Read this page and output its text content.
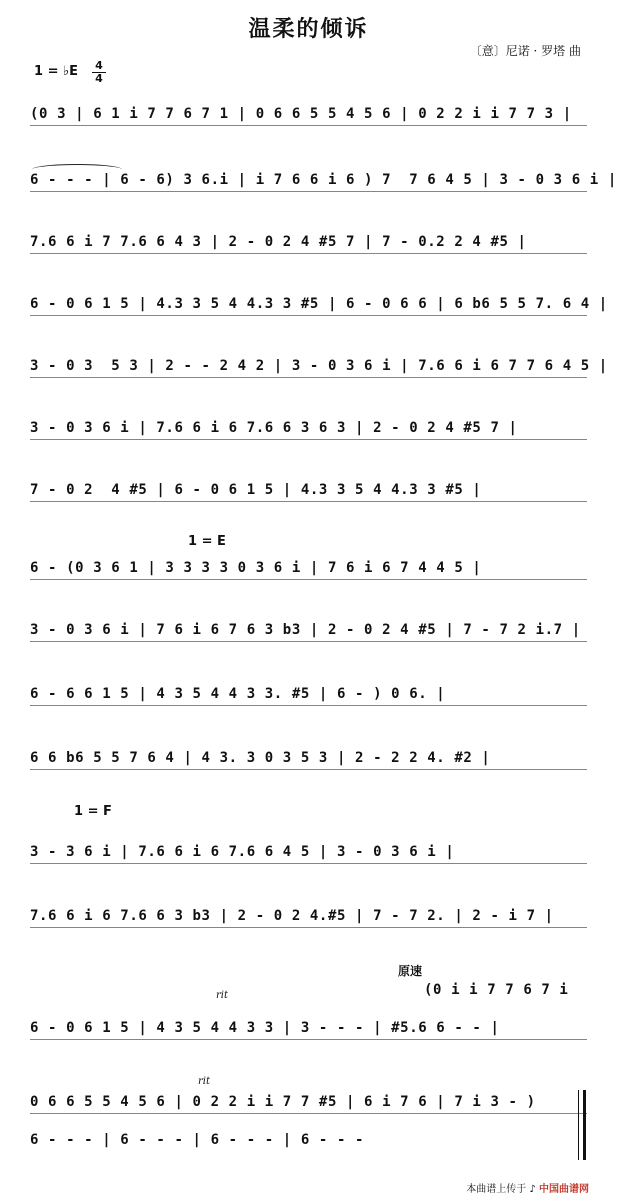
温柔的倾诉
〔意〕尼诺 · 罗塔 曲
1 = ♭E 4
4
(0 3 | 6 1 i 7 7 6 7 1 | 0 6 6 5 5 4 5 6 | 0 2 2 i i 7 7 3 |
6 - - - | 6 - 6) 3 6.i | i 7 6 6 i 6 ) 7  7 6 4 5 | 3 - 0 3 6 i |
7.6 6 i 7 7.6 6 4 3 | 2 - 0 2 4 #5 7 | 7 - 0.2 2 4 #5 |
6 - 0 6 1 5 | 4.3 3 5 4 4.3 3 #5 | 6 - 0 6 6 | 6 b6 5 5 7. 6 4 |
3 - 0 3  5 3 | 2 - - 2 4 2 | 3 - 0 3 6 i | 7.6 6 i 6 7 7 6 4 5 |
3 - 0 3 6 i | 7.6 6 i 6 7.6 6 3 6 3 | 2 - 0 2 4 #5 7 |
7 - 0 2  4 #5 | 6 - 0 6 1 5 | 4.3 3 5 4 4.3 3 #5 |
1 = E
6 - (0 3 6 1 | 3 3 3 3 0 3 6 i | 7 6 i 6 7 4 4 5 |
3 - 0 3 6 i | 7 6 i 6 7 6 3 b3 | 2 - 0 2 4 #5 | 7 - 7 2 i.7 |
6 - 6 6 1 5 | 4 3 5 4 4 3 3. #5 | 6 - ) 0 6. |
6 6 b6 5 5 7 6 4 | 4 3. 3 0 3 5 3 | 2 - 2 2 4. #2 |
1 = F
3 - 3 6 i | 7.6 6 i 6 7.6 6 4 5 | 3 - 0 3 6 i |
7.6 6 i 6 7.6 6 3 b3 | 2 - 0 2 4.#5 | 7 - 7 2. | 2 - i 7 |
原速
(0 i i 7 7 6 7 i
rit
6 - 0 6 1 5 | 4 3 5 4 4 3 3 | 3 - - - | #5.6 6 - - |
rit
0 6 6 5 5 4 5 6 | 0 2 2 i i 7 7 #5 | 6 i 7 6 | 7 i 3 - )
6 - - - | 6 - - - | 6 - - - | 6 - - -
本曲谱上传于 ♪ 中国曲谱网
